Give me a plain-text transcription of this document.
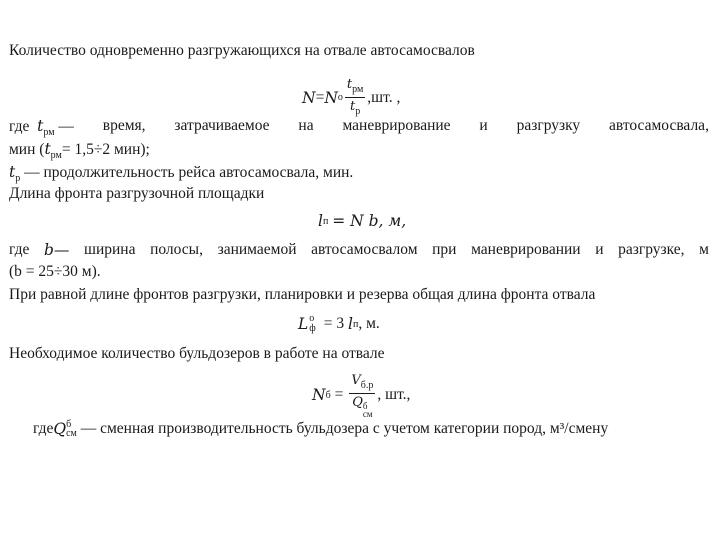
Количество одновременно разгружающихся на отвале автосамосвалов
N = N о $\frac{t_{рм}}{t_р} ,шт$. ,
где $t_{рм}$ — время, затрачиваемое на маневрирование и разгрузку автосамосвала,
мин ($t_{рм}= 1,5\div 2$ мин);
$t_р$ — продолжительность рейса автосамосвала, мин.
Длина фронта разгрузочной площадки
l п
= N b, м,
где b— ширина полосы, занимаемой автосамосвалом при маневрировании и разгрузке, м
(b = 25÷30 м).
При равной длине фронтов разгрузки, планировки и резерва общая длина фронта отвала
L о
ф = 3
l п , м.
Необходимое количество бульдозеров в работе на отвале
N $б = V_{б.р}$
Q б
см , шт.,
где Q б
см
— сменная производительность бульдозера с учетом категории пород, м³/смену
